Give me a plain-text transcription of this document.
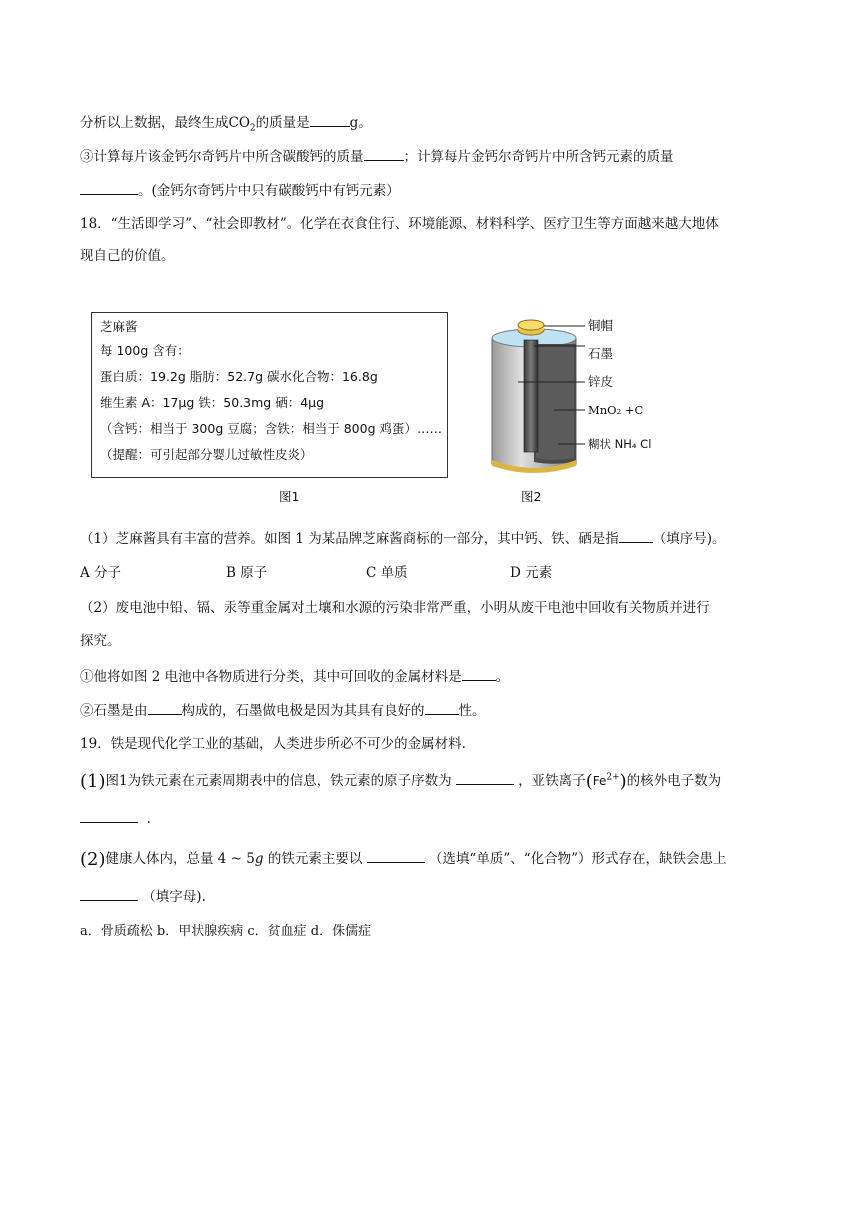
分析以上数据，最终生成$CO_2$的质量是	g。
③计算每片该金钙尔奇钙片中所含碳酸钙的质量	；计算每片金钙尔奇钙片中所含钙元素的质量
。(金钙尔奇钙片中只有碳酸钙中有钙元素）
18．“生活即学习”、“社会即教材”。化学在衣食住行、环境能源、材料科学、医疗卫生等方面越来越大地体
现自己的价值。
芝麻酱
每 100g 含有：
蛋白质：19.2g 脂肪：52.7g 碳水化合物：16.8g
维生素 A：17μg 铁：50.3mg 硒：4μg
（含钙：相当于 300g 豆腐；含铁：相当于 800g 鸡蛋）……
（提醒：可引起部分婴儿过敏性皮炎）
图1
铜帽
石墨
锌皮
MnO₂ +C
糊状 NH₄ Cl
图2
（1）芝麻酱具有丰富的营养。如图 1 为某品牌芝麻酱商标的一部分，其中钙、铁、硒是指	（填序号)。
A 分子	B 原子	C 单质	D 元素
（2）废电池中铅、镉、汞等重金属对土壤和水源的污染非常严重，小明从废干电池中回收有关物质并进行
探究。
①他将如图 2 电池中各物质进行分类，其中可回收的金属材料是	。
②石墨是由	构成的，石墨做电极是因为其具有良好的	性。
19．铁是现代化学工业的基础，人类进步所必不可少的金属材料.
(1)图1为铁元素在元素周期表中的信息，铁元素的原子序数为	，亚铁离子$(Fe^{2+})$的核外电子数为
.
(2)健康人体内，总量 4 ~ 5g 的铁元素主要以	（选填“单质”、“化合物”）形式存在，缺铁会患上
（填字母).
a．骨质疏松 b．甲状腺疾病 c．贫血症 d．侏儒症
